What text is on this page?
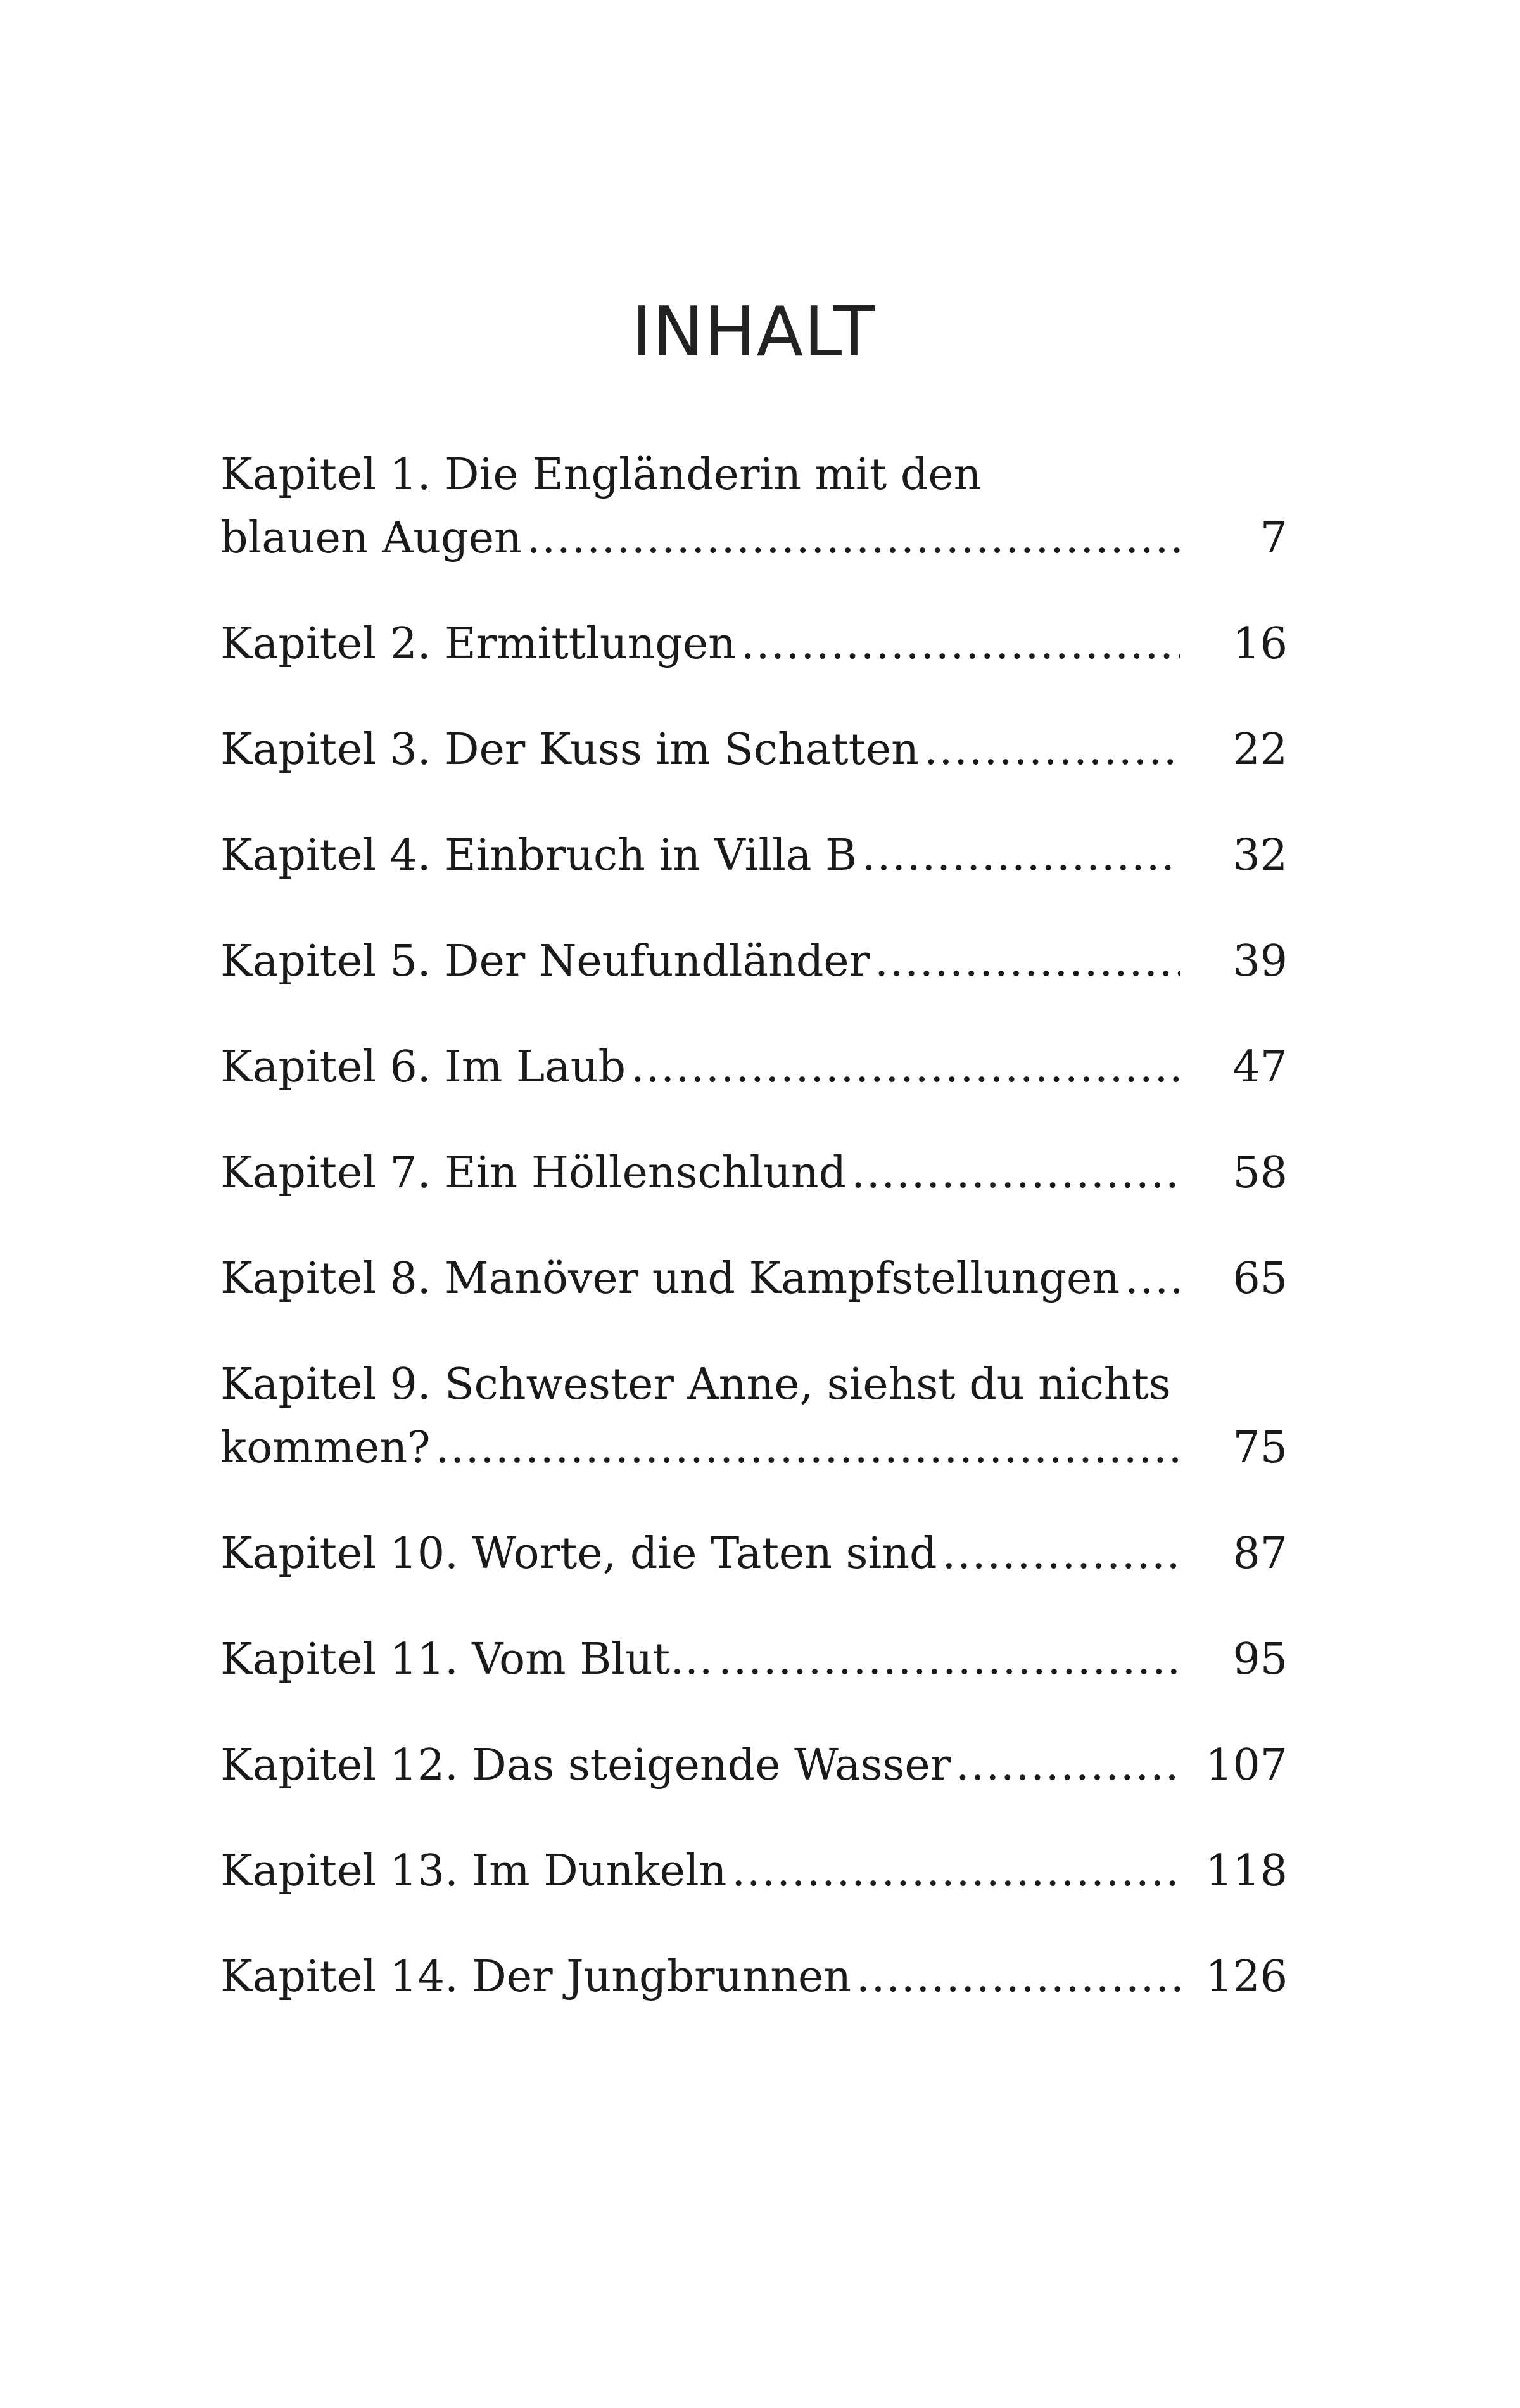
INHALT
Kapitel 1. Die Engländerin mit den
blauen Augen .....	7
Kapitel 2. Ermittlungen .....	16
Kapitel 3. Der Kuss im Schatten .....	22
Kapitel 4. Einbruch in Villa B .....	32
Kapitel 5. Der Neufundländer .....	39
Kapitel 6. Im Laub .....	47
Kapitel 7. Ein Höllenschlund .....	58
Kapitel 8. Manöver und Kampfstellungen .....	65
Kapitel 9. Schwester Anne, siehst du nichts
kommen? .....	75
Kapitel 10. Worte, die Taten sind .....	87
Kapitel 11. Vom Blut… .....	95
Kapitel 12. Das steigende Wasser .....	107
Kapitel 13. Im Dunkeln .....	118
Kapitel 14. Der Jungbrunnen .....	126
